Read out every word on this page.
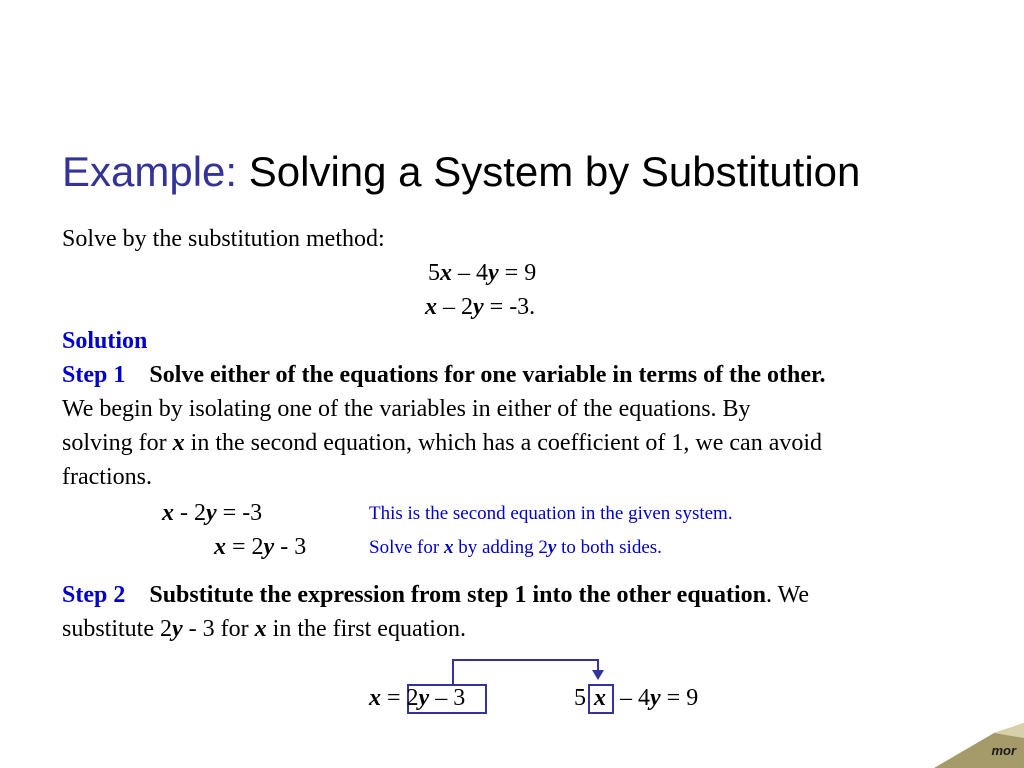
Example: Solving a System by Substitution
Solve by the substitution method:
5x – 4y = 9
x – 2y = -3.
Solution
Step 1 Solve either of the equations for one variable in terms of the other.
We begin by isolating one of the variables in either of the equations. By
solving for x in the second equation, which has a coefficient of 1, we can avoid
fractions.
x - 2y = -3	This is the second equation in the given system.
x = 2y - 3	Solve for x by adding 2y to both sides.
Step 2 Substitute the expression from step 1 into the other equation. We
substitute 2y - 3 for x in the first equation.
x = 2y – 3	5 x – 4y = 9
mor
